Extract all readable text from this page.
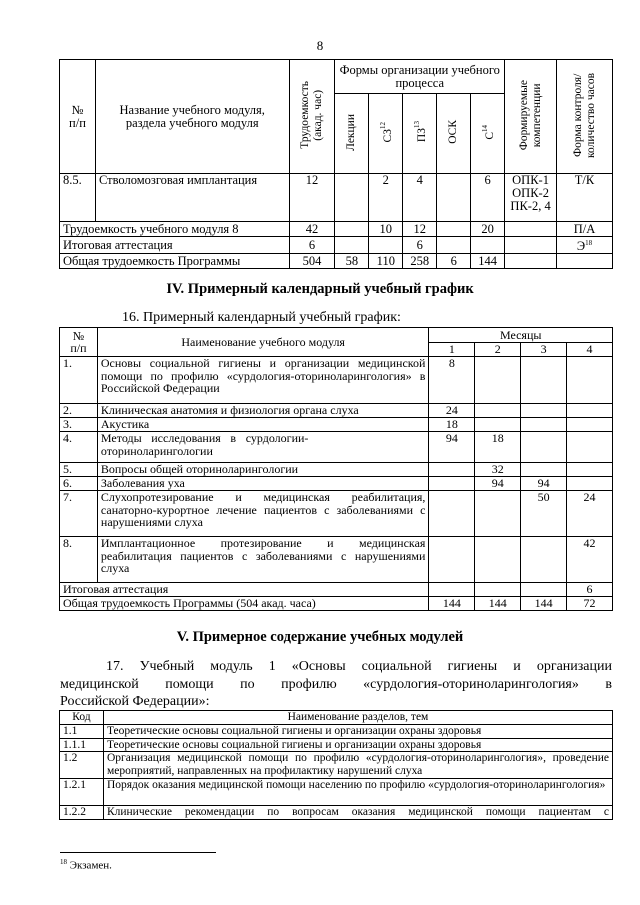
8
№
п/п	Название учебного модуля, раздела учебного модуля	Трудоемкость
(акад. час)	Формы организации учебного процесса					Формируемые
компетенции	Форма контроля/
количество часов
			Лекции	СЗ$^{12}$	ПЗ$^{13}$	ОСК	$С^{14}$
8.5.	Стволомозговая имплантация	12		2	4		6	ОПК-1
ОПК-2
ПК-2, 4	Т/К
Трудоемкость учебного модуля 8		42		10	12		20		П/А
Итоговая аттестация		6			6				$Э^{18}$
Общая трудоемкость Программы		504	58	110	258	6	144		
IV. Примерный календарный учебный график
16. Примерный календарный учебный график:
№
п/п	Наименование учебного модуля	Месяцы			
		1	2	3	4
1.	Основы социальной гигиены и организации медицинской помощи по профилю «сурдология-оториноларингология» в Российской Федерации	8			
2.	Клиническая анатомия и физиология органа слуха	24			
3.	Акустика	18			
4.	Методы исследования в сурдологии-оториноларингологии	94	18		
5.	Вопросы общей оториноларингологии		32		
6.	Заболевания уха		94	94	
7.	Слухопротезирование и медицинская реабилитация, санаторно-курортное лечение пациентов с заболеваниями с нарушениями слуха			50	24
8.	Имплантационное протезирование и медицинская реабилитация пациентов с заболеваниями с нарушениями слуха				42
Итоговая аттестация					6
Общая трудоемкость Программы (504 акад. часа)		144	144	144	72
V. Примерное содержание учебных модулей
17. Учебный модуль 1 «Основы социальной гигиены и организации
медицинской помощи по профилю «сурдология-оториноларингология» в
Российской Федерации»:
Код	Наименование разделов, тем
1.1	Теоретические основы социальной гигиены и организации охраны здоровья
1.1.1	Теоретические основы социальной гигиены и организации охраны здоровья
1.2	Организация медицинской помощи по профилю «сурдология-оториноларингология», проведение мероприятий, направленных на профилактику нарушений слуха
1.2.1	Порядок оказания медицинской помощи населению по профилю «сурдология-оториноларингология»
1.2.2	Клинические рекомендации по вопросам оказания медицинской помощи пациентам с
$^{18}$ Экзамен.
